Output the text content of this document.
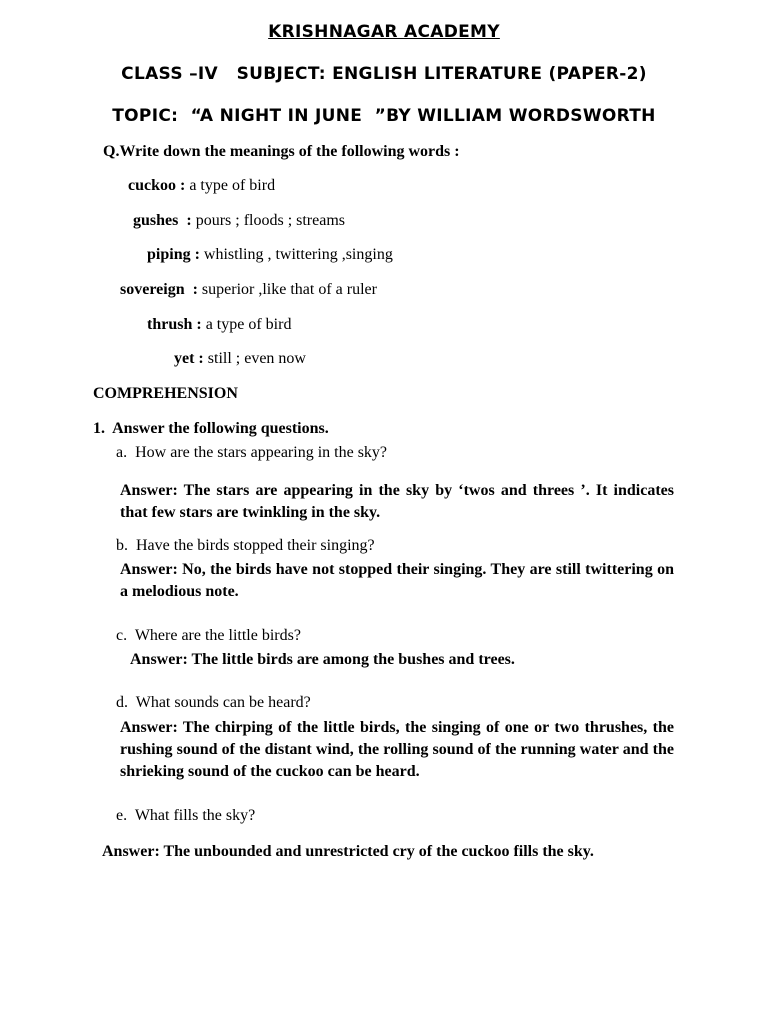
KRISHNAGAR ACADEMY
CLASS –IV   SUBJECT: ENGLISH LITERATURE (PAPER-2)
TOPIC:  “A NIGHT IN JUNE  ”BY WILLIAM WORDSWORTH
Q.Write down the meanings of the following words :
cuckoo : a type of bird
gushes  : pours ; floods ; streams
piping : whistling , twittering ,singing
sovereign  : superior ,like that of a ruler
thrush : a type of bird
yet : still ; even now
COMPREHENSION
1.  Answer the following questions.
a.  How are the stars appearing in the sky?
Answer: The stars are appearing in the sky by ‘twos and threes ’. It indicates that few stars are twinkling in the sky.
b.  Have the birds stopped their singing?
Answer: No, the birds have not stopped their singing. They are still twittering on a melodious note.
c.  Where are the little birds?
Answer: The little birds are among the bushes and trees.
d.  What sounds can be heard?
Answer: The chirping of the little birds, the singing of one or two thrushes, the rushing sound of the distant wind, the rolling sound of the running water and the shrieking sound of the cuckoo can be heard.
e.  What fills the sky?
Answer: The unbounded and unrestricted cry of the cuckoo fills the sky.
